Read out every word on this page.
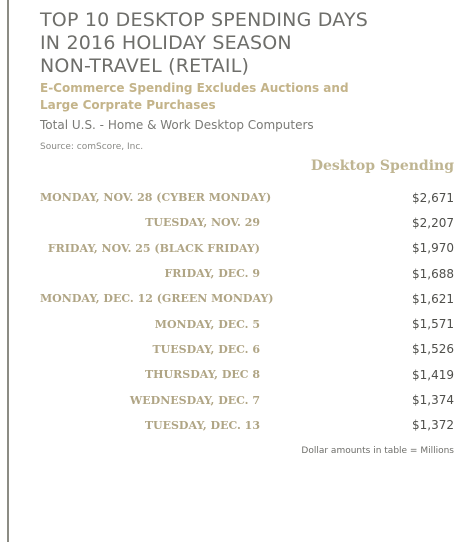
TOP 10 DESKTOP SPENDING DAYS
IN 2016 HOLIDAY SEASON
NON-TRAVEL (RETAIL)
E-Commerce Spending Excludes Auctions and
Large Corprate Purchases
Total U.S. - Home & Work Desktop Computers
Source: comScore, Inc.
Desktop Spending
MONDAY, NOV. 28 (CYBER MONDAY)	$2,671
TUESDAY, NOV. 29	$2,207
FRIDAY, NOV. 25 (BLACK FRIDAY)	$1,970
FRIDAY, DEC. 9	$1,688
MONDAY, DEC. 12 (GREEN MONDAY)	$1,621
MONDAY, DEC. 5	$1,571
TUESDAY, DEC. 6	$1,526
THURSDAY, DEC 8	$1,419
WEDNESDAY, DEC. 7	$1,374
TUESDAY, DEC. 13	$1,372
Dollar amounts in table = Millions
